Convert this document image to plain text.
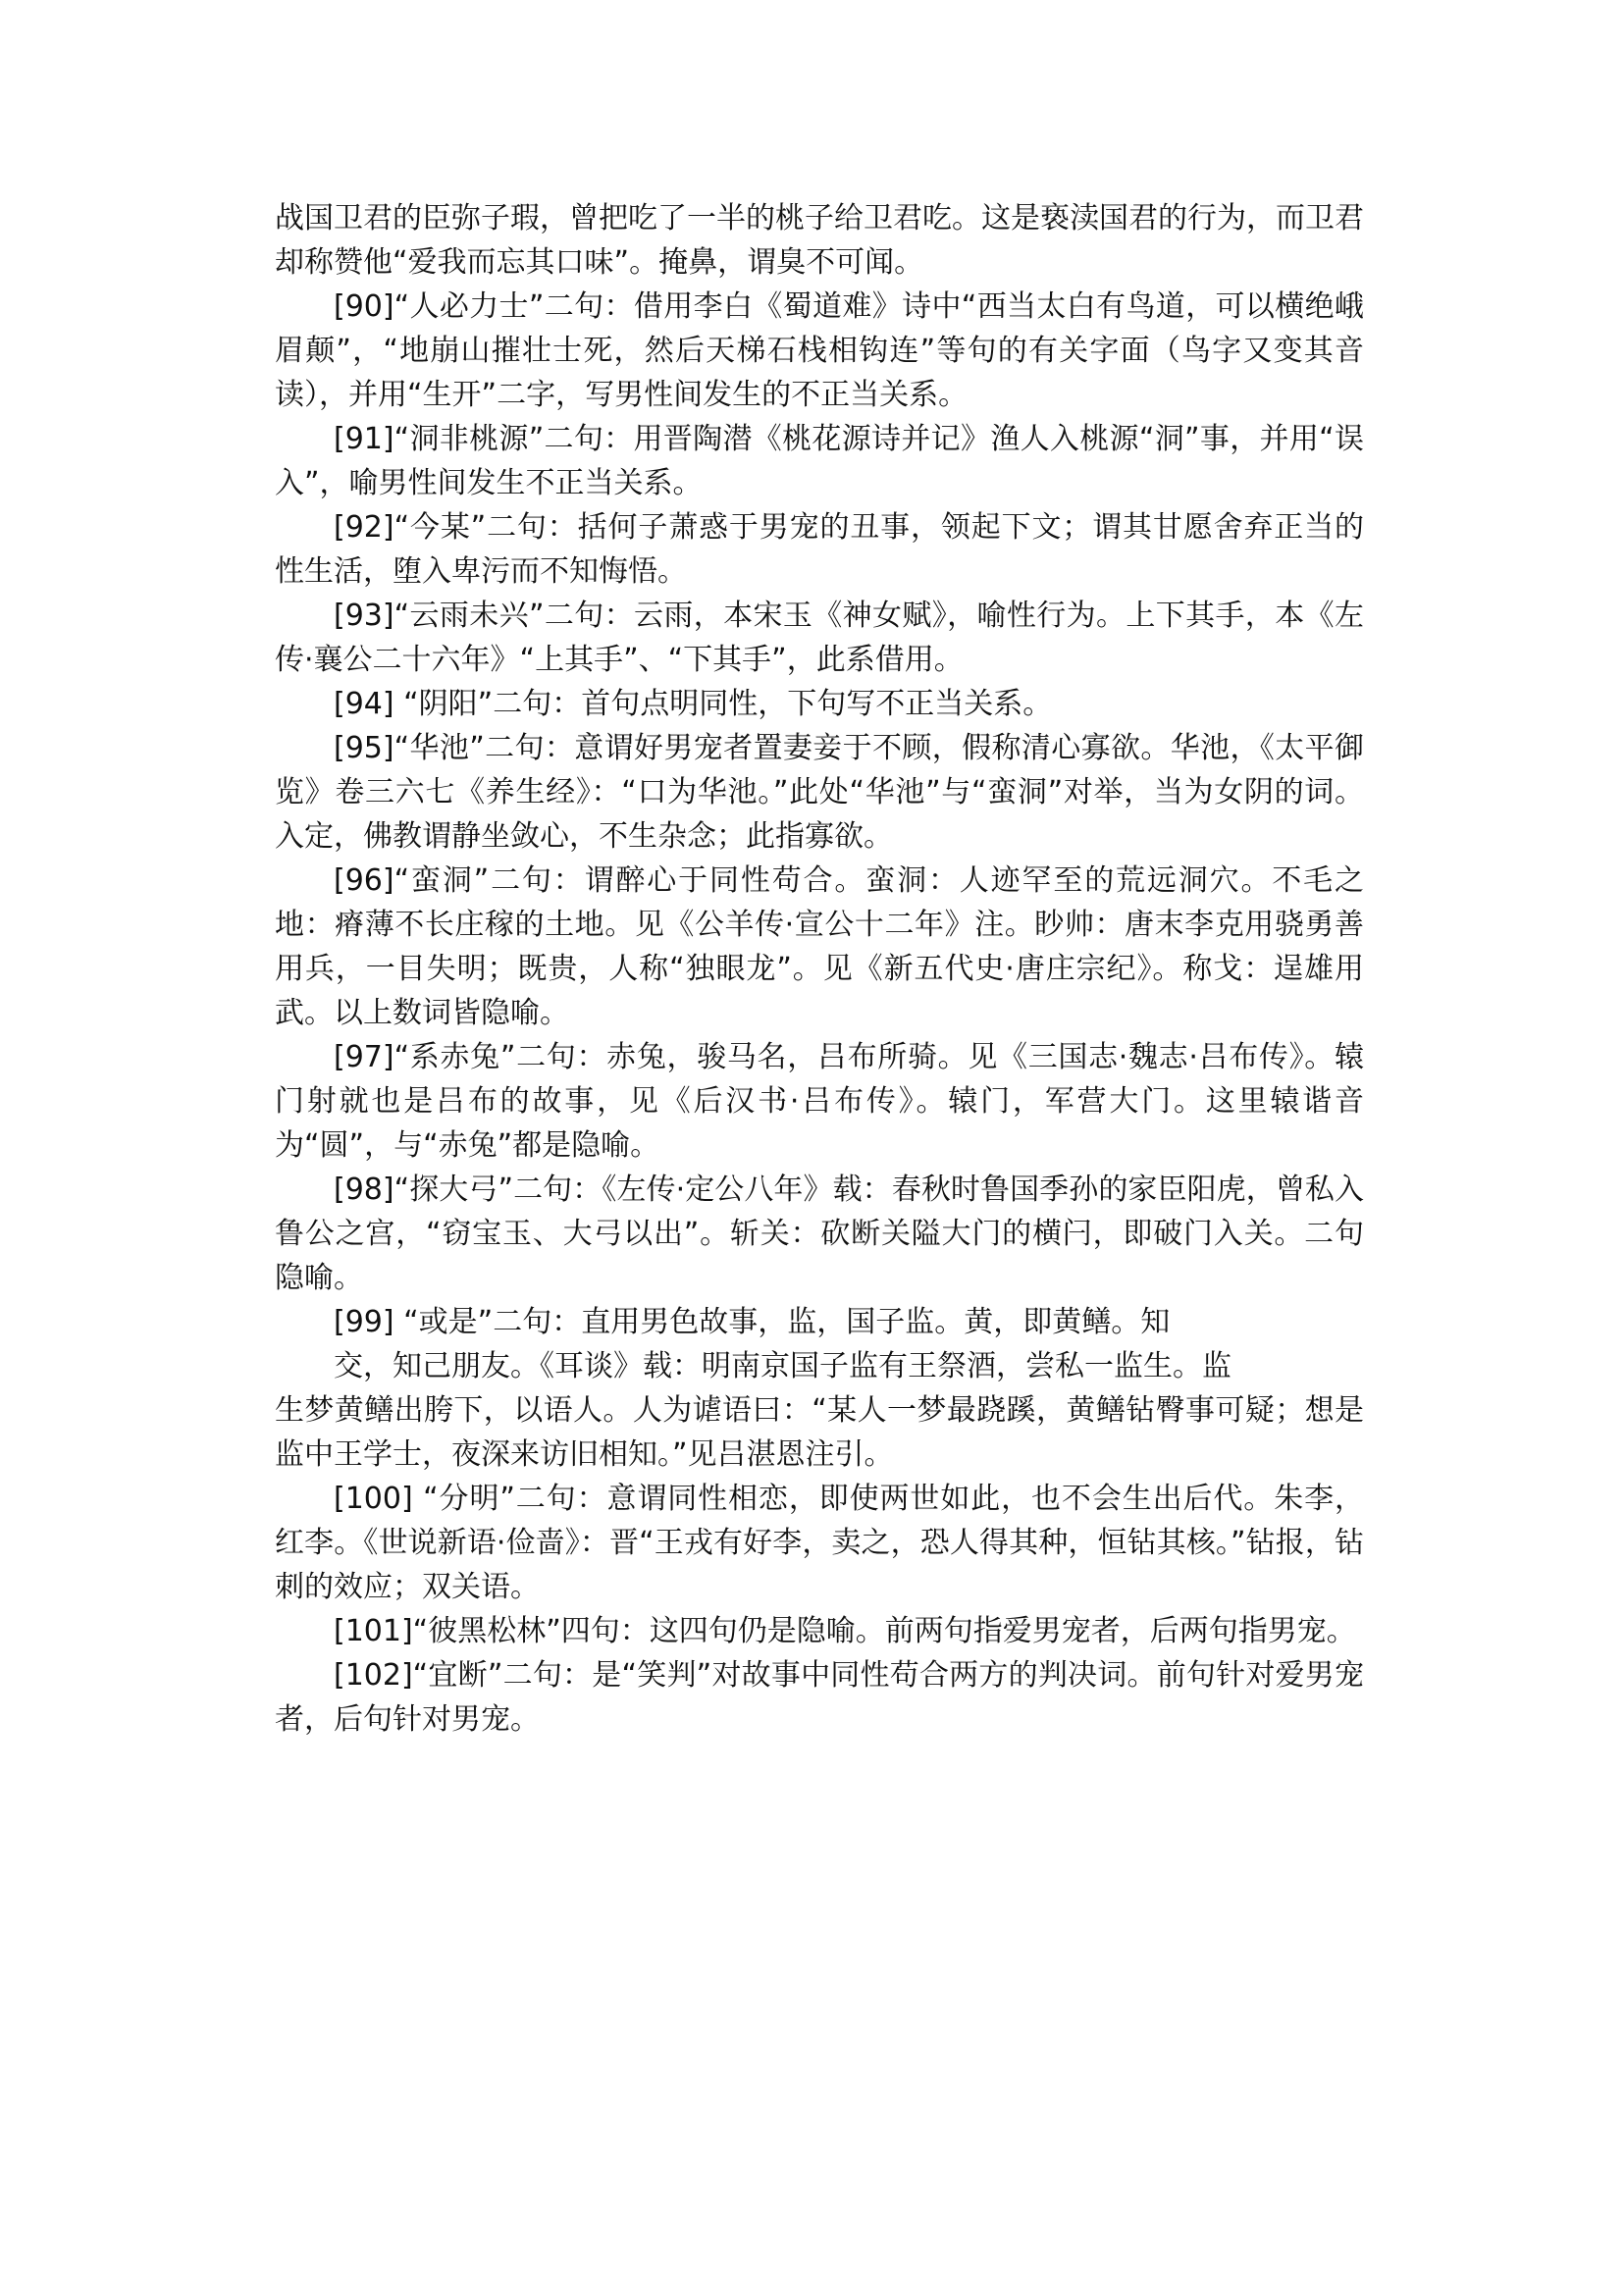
战国卫君的臣弥子瑕，曾把吃了一半的桃子给卫君吃。这是亵渎国君的行为，而卫君却称赞他“爱我而忘其口味”。掩鼻，谓臭不可闻。

[90]“人必力士”二句：借用李白《蜀道难》诗中“西当太白有鸟道，可以横绝峨眉颠”，“地崩山摧壮士死，然后天梯石栈相钩连”等句的有关字面（鸟字又变其音读），并用“生开”二字，写男性间发生的不正当关系。

[91]“洞非桃源”二句：用晋陶潜《桃花源诗并记》渔人入桃源“洞”事，并用“误入”，喻男性间发生不正当关系。

[92]“今某”二句：括何子萧惑于男宠的丑事，领起下文；谓其甘愿舍弃正当的性生活，堕入卑污而不知悔悟。

[93]“云雨未兴”二句：云雨，本宋玉《神女赋》，喻性行为。上下其手，本《左传·襄公二十六年》“上其手”、“下其手”，此系借用。

[94] “阴阳”二句：首句点明同性，下句写不正当关系。

[95]“华池”二句：意谓好男宠者置妻妾于不顾，假称清心寡欲。华池，《太平御览》卷三六七《养生经》：“口为华池。”此处“华池”与“蛮洞”对举，当为女阴的词。入定，佛教谓静坐敛心，不生杂念；此指寡欲。

[96]“蛮洞”二句：谓醉心于同性苟合。蛮洞：人迹罕至的荒远洞穴。不毛之地：瘠薄不长庄稼的土地。见《公羊传·宣公十二年》注。眇帅：唐末李克用骁勇善用兵，一目失明；既贵，人称“独眼龙”。见《新五代史·唐庄宗纪》。称戈：逞雄用武。以上数词皆隐喻。

[97]“系赤兔”二句：赤兔，骏马名，吕布所骑。见《三国志·魏志·吕布传》。辕门射就也是吕布的故事，见《后汉书·吕布传》。辕门，军营大门。这里辕谐音为“圆”，与“赤兔”都是隐喻。

[98]“探大弓”二句：《左传·定公八年》载：春秋时鲁国季孙的家臣阳虎，曾私入鲁公之宫，“窃宝玉、大弓以出”。斩关：砍断关隘大门的横闩，即破门入关。二句隐喻。

[99] “或是”二句：直用男色故事，监，国子监。黄，即黄鳝。知
交，知己朋友。《耳谈》载：明南京国子监有王祭酒，尝私一监生。监
生梦黄鳝出胯下，以语人。人为谑语曰：“某人一梦最跷蹊，黄鳝钻臀事可疑；想是监中王学士，夜深来访旧相知。”见吕湛恩注引。

[100] “分明”二句：意谓同性相恋，即使两世如此，也不会生出后代。朱李，红李。《世说新语·俭啬》：晋“王戎有好李，卖之，恐人得其种，恒钻其核。”钻报，钻刺的效应；双关语。

[101]“彼黑松林”四句：这四句仍是隐喻。前两句指爱男宠者，后两句指男宠。

[102]“宜断”二句：是“笑判”对故事中同性苟合两方的判决词。前句针对爱男宠者，后句针对男宠。
